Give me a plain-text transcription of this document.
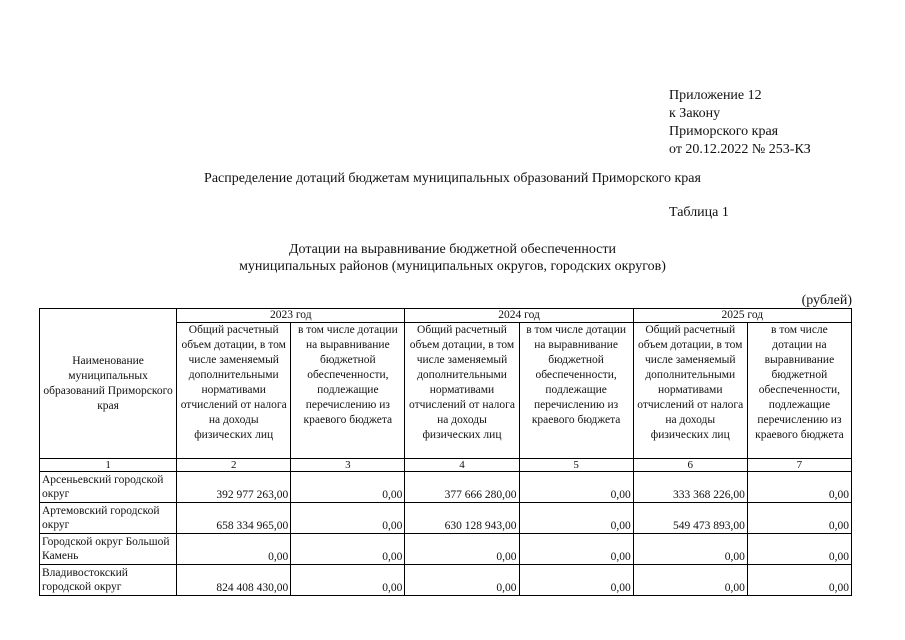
Приложение 12
к Закону
Приморского края
от 20.12.2022 № 253-КЗ
Распределение дотаций бюджетам муниципальных образований Приморского края
Таблица 1
Дотации на выравнивание бюджетной обеспеченности
муниципальных районов (муниципальных округов, городских округов)
(рублей)
Наименование муниципальных образований Приморского края	2023 год		2024 год		2025 год	
	Общий расчетный объем дотации, в том числе заменяемый дополнительными нормативами отчислений от налога на доходы физических лиц	в том числе дотации на выравнивание бюджетной обеспеченности, подлежащие перечислению из краевого бюджета	Общий расчетный объем дотации, в том числе заменяемый дополнительными нормативами отчислений от налога на доходы физических лиц	в том числе дотации на выравнивание бюджетной обеспеченности, подлежащие перечислению из краевого бюджета	Общий расчетный объем дотации, в том числе заменяемый дополнительными нормативами отчислений от налога на доходы физических лиц	в том числе дотации на выравнивание бюджетной обеспеченности, подлежащие перечислению из краевого бюджета
1	2	3	4	5	6	7
Арсеньевский городской округ	392 977 263,00	0,00	377 666 280,00	0,00	333 368 226,00	0,00
Артемовский городской округ	658 334 965,00	0,00	630 128 943,00	0,00	549 473 893,00	0,00
Городской округ Большой Камень	0,00	0,00	0,00	0,00	0,00	0,00
Владивостокский городской округ	824 408 430,00	0,00	0,00	0,00	0,00	0,00
